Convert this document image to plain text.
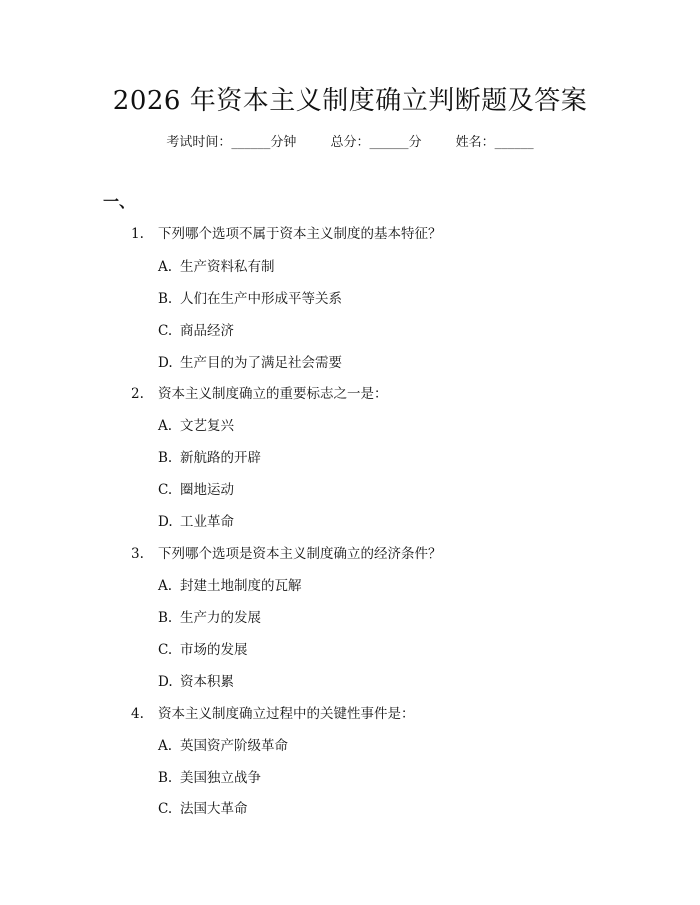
2026 年资本主义制度确立判断题及答案
考试时间：______分钟	总分：______分	姓名：______
一、
1. 下列哪个选项不属于资本主义制度的基本特征？
A. 生产资料私有制
B. 人们在生产中形成平等关系
C. 商品经济
D. 生产目的为了满足社会需要
2. 资本主义制度确立的重要标志之一是：
A. 文艺复兴
B. 新航路的开辟
C. 圈地运动
D. 工业革命
3. 下列哪个选项是资本主义制度确立的经济条件？
A. 封建土地制度的瓦解
B. 生产力的发展
C. 市场的发展
D. 资本积累
4. 资本主义制度确立过程中的关键性事件是：
A. 英国资产阶级革命
B. 美国独立战争
C. 法国大革命
